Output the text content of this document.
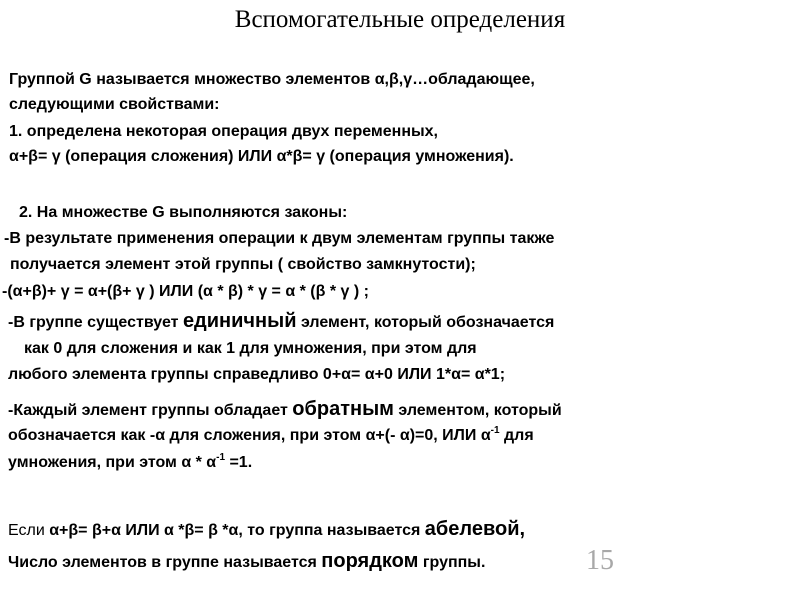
Вспомогательные определения
Группой G называется множество элементов α,β,γ…обладающее,
следующими свойствами:
1. определена некоторая операция двух переменных,
α+β= γ (операция сложения) ИЛИ α*β= γ (операция умножения).
2. На множестве G выполняются законы:
-В результате применения операции к двум элементам группы также
получается элемент этой группы ( свойство замкнутости);
-(α+β)+ γ = α+(β+ γ ) ИЛИ (α * β) * γ = α * (β * γ ) ;
-В группе существует единичный элемент, который обозначается
как 0 для сложения и как 1 для умножения, при этом для
любого элемента группы справедливо 0+α= α+0 ИЛИ 1*α= α*1;
-Каждый элемент группы обладает обратным элементом, который
обозначается как -α для сложения, при этом α+(- α)=0, ИЛИ $\alpha^{-1}$ для
умножения, при этом $\alpha * \alpha^{-1} =1$.
Если α+β= β+α ИЛИ α *β= β *α, то группа называется абелевой,
15
Число элементов в группе называется порядком группы.
